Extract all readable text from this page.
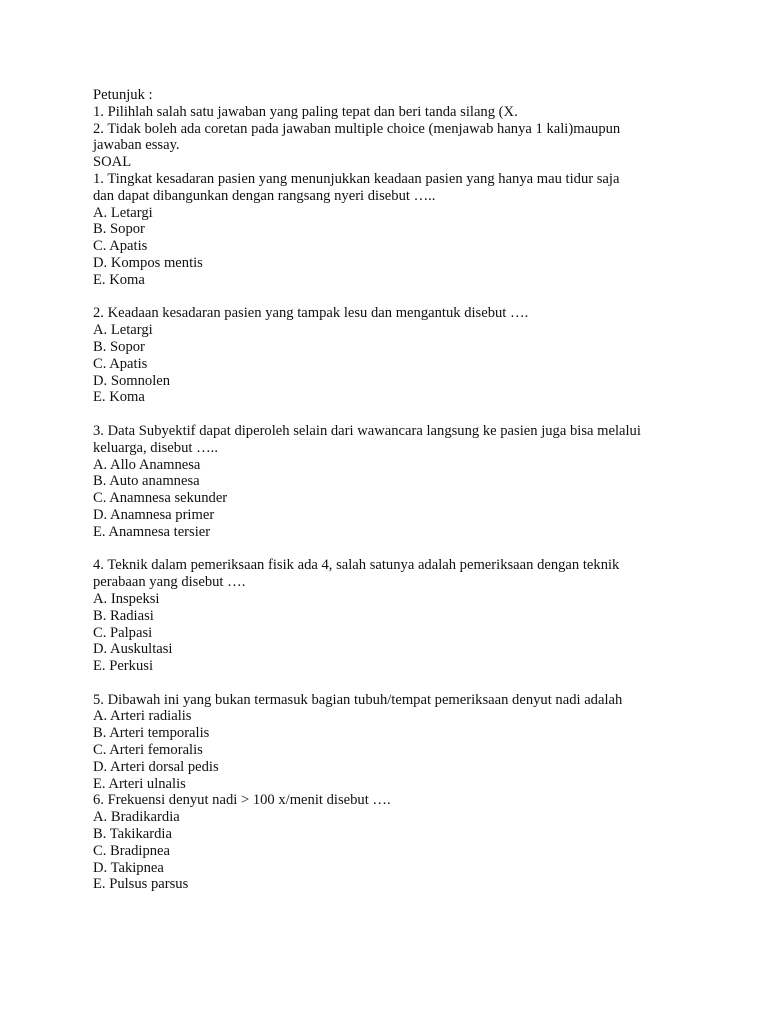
Petunjuk :
1. Pilihlah salah satu jawaban yang paling tepat dan beri tanda silang (X.
2. Tidak boleh ada coretan pada jawaban multiple choice (menjawab hanya 1 kali)maupun
jawaban essay.
SOAL
1. Tingkat kesadaran pasien yang menunjukkan keadaan pasien yang hanya mau tidur saja
dan dapat dibangunkan dengan rangsang nyeri disebut …..
A. Letargi
B. Sopor
C. Apatis
D. Kompos mentis
E. Koma
2. Keadaan kesadaran pasien yang tampak lesu dan mengantuk disebut ….
A. Letargi
B. Sopor
C. Apatis
D. Somnolen
E. Koma
3. Data Subyektif dapat diperoleh selain dari wawancara langsung ke pasien juga bisa melalui
keluarga, disebut …..
A. Allo Anamnesa
B. Auto anamnesa
C. Anamnesa sekunder
D. Anamnesa primer
E. Anamnesa tersier
4. Teknik dalam pemeriksaan fisik ada 4, salah satunya adalah pemeriksaan dengan teknik
perabaan yang disebut ….
A. Inspeksi
B. Radiasi
C. Palpasi
D. Auskultasi
E. Perkusi
5. Dibawah ini yang bukan termasuk bagian tubuh/tempat pemeriksaan denyut nadi adalah
A. Arteri radialis
B. Arteri temporalis
C. Arteri femoralis
D. Arteri dorsal pedis
E. Arteri ulnalis
6. Frekuensi denyut nadi > 100 x/menit disebut ….
A. Bradikardia
B. Takikardia
C. Bradipnea
D. Takipnea
E. Pulsus parsus
